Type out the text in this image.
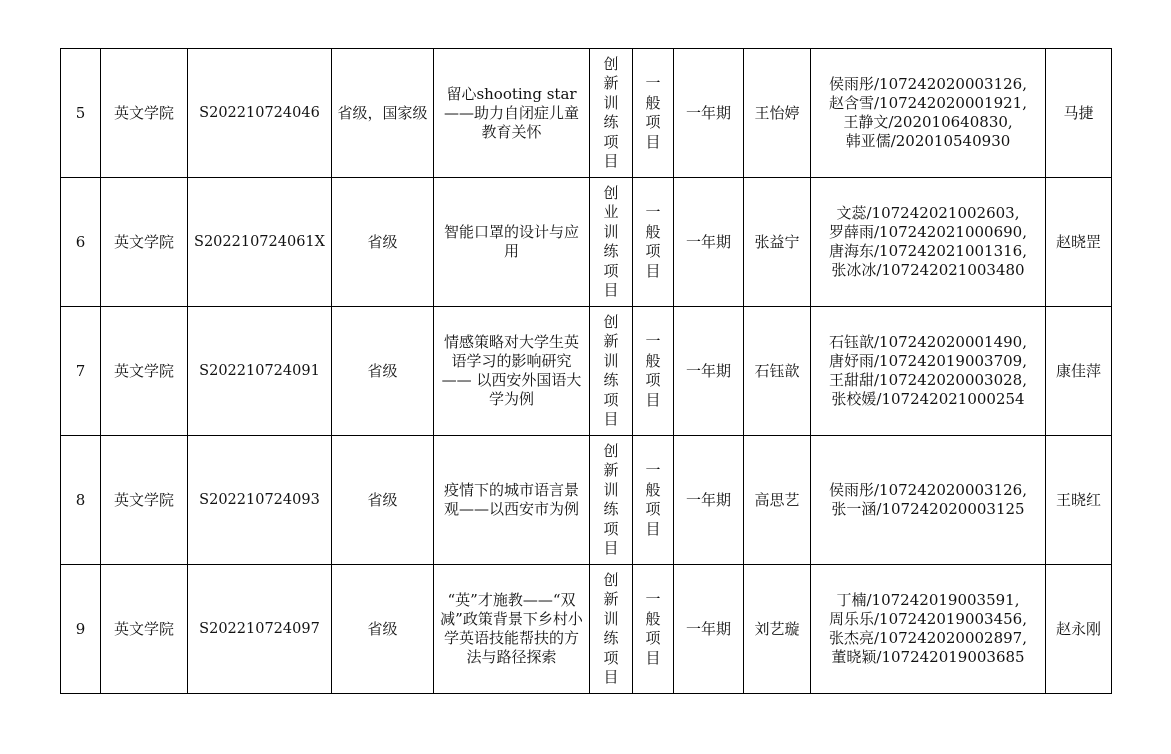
5	英文学院	S202210724046	省级，国家级	留心shooting star——助力自闭症儿童教育关怀	创新训练项目	一般项目	一年期	王怡婷	侯雨彤/107242020003126,
赵含雪/107242020001921,
王静文/202010640830,
韩亚儒/202010540930	马捷
6	英文学院	S202210724061X	省级	智能口罩的设计与应用	创业训练项目	一般项目	一年期	张益宁	文蕊/107242021002603,
罗薛雨/107242021000690,
唐海东/107242021001316,
张冰冰/107242021003480	赵晓罡
7	英文学院	S202210724091	省级	情感策略对大学生英语学习的影响研究—— 以西安外国语大学为例	创新训练项目	一般项目	一年期	石钰歆	石钰歆/107242020001490,
唐妤雨/107242019003709,
王甜甜/107242020003028,
张校媛/107242021000254	康佳萍
8	英文学院	S202210724093	省级	疫情下的城市语言景观——以西安市为例	创新训练项目	一般项目	一年期	高思艺	侯雨彤/107242020003126,
张一涵/107242020003125	王晓红
9	英文学院	S202210724097	省级	“英”才施教——“双减”政策背景下乡村小学英语技能帮扶的方法与路径探索	创新训练项目	一般项目	一年期	刘艺璇	丁楠/107242019003591,
周乐乐/107242019003456,
张杰亮/107242020002897,
董晓颖/107242019003685	赵永刚
